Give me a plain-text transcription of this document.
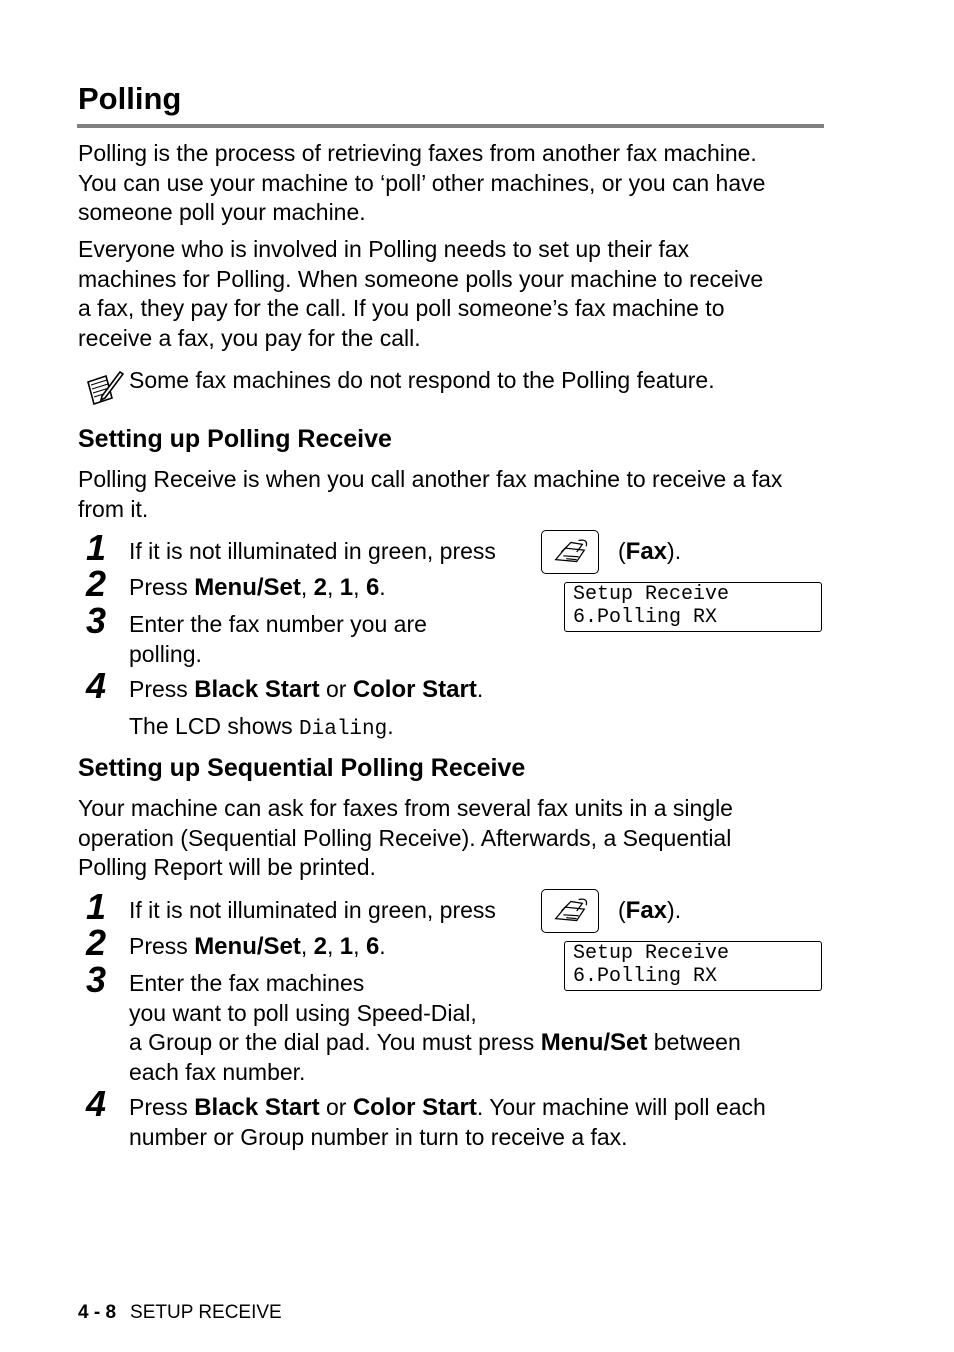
Polling
Polling is the process of retrieving faxes from another fax machine.
You can use your machine to ‘poll’ other machines, or you can have
someone poll your machine.
Everyone who is involved in Polling needs to set up their fax
machines for Polling. When someone polls your machine to receive
a fax, they pay for the call. If you poll someone’s fax machine to
receive a fax, you pay for the call.
Some fax machines do not respond to the Polling feature.
Setting up Polling Receive
Polling Receive is when you call another fax machine to receive a fax
from it.
1 If it is not illuminated in green, press	(Fax).
2 Press Menu/Set, 2, 1, 6.	Setup Receive
6.Polling RX
3 Enter the fax number you are
polling.
4 Press Black Start or Color Start.
The LCD shows Dialing.
Setting up Sequential Polling Receive
Your machine can ask for faxes from several fax units in a single
operation (Sequential Polling Receive). Afterwards, a Sequential
Polling Report will be printed.
1 If it is not illuminated in green, press	(Fax).
2 Press Menu/Set, 2, 1, 6.	Setup Receive
6.Polling RX
3 Enter the fax machines
you want to poll using Speed-Dial,
a Group or the dial pad. You must press Menu/Set between
each fax number.
4 Press Black Start or Color Start. Your machine will poll each
number or Group number in turn to receive a fax.
4 - 8 SETUP RECEIVE
